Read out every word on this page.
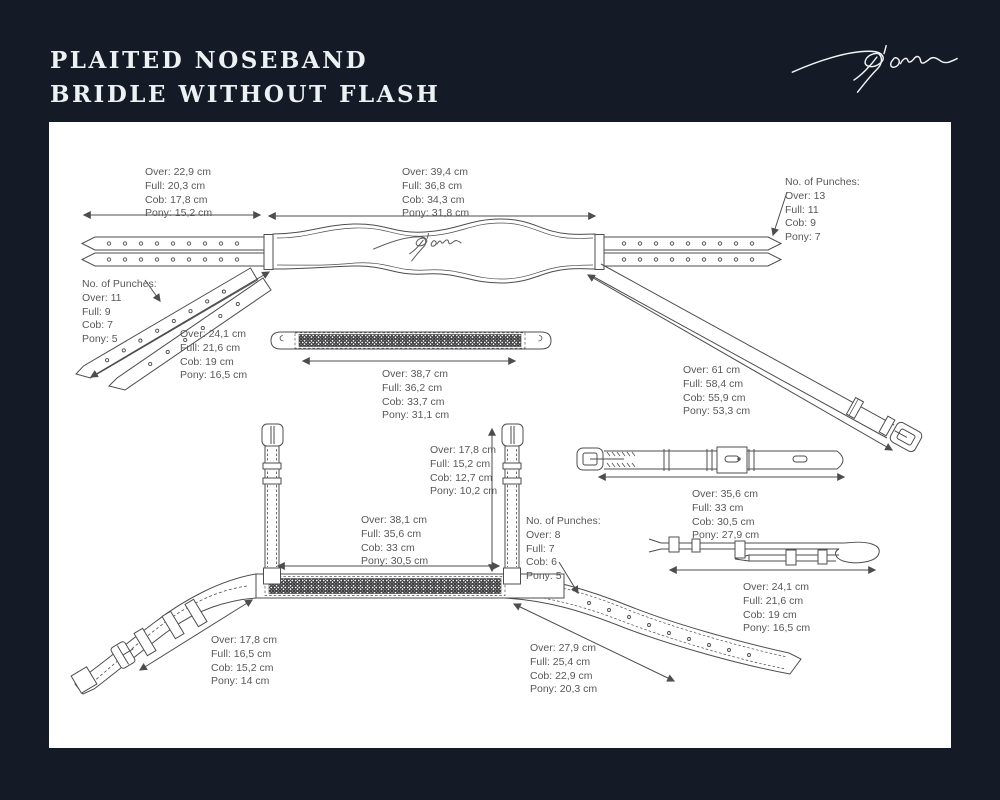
PLAITED NOSEBAND
BRIDLE WITHOUT FLASH
Over: 22,9 cm
Full: 20,3 cm
Cob: 17,8 cm
Pony: 15,2 cm
Over: 39,4 cm
Full: 36,8 cm
Cob: 34,3 cm
Pony: 31,8 cm
No. of Punches:
Over: 13
Full: 11
Cob: 9
Pony: 7
No. of Punches:
Over: 11
Full: 9
Cob: 7
Pony: 5	Over: 24,1 cm
Full: 21,6 cm
Cob: 19 cm
Pony: 16,5 cm	Over: 38,7 cm
Full: 36,2 cm
Cob: 33,7 cm
Pony: 31,1 cm
Over: 61 cm
Full: 58,4 cm
Cob: 55,9 cm
Pony: 53,3 cm
Over: 17,8 cm
Full: 15,2 cm
Cob: 12,7 cm
Pony: 10,2 cm
Over: 38,1 cm
Full: 35,6 cm
Cob: 33 cm
Pony: 30,5 cm
No. of Punches:
Over: 8
Full: 7
Cob: 6
Pony: 5
Over: 35,6 cm
Full: 33 cm
Cob: 30,5 cm
Pony: 27,9 cm
Over: 24,1 cm
Full: 21,6 cm
Cob: 19 cm
Pony: 16,5 cm
Over: 17,8 cm
Full: 16,5 cm
Cob: 15,2 cm
Pony: 14 cm
Over: 27,9 cm
Full: 25,4 cm
Cob: 22,9 cm
Pony: 20,3 cm
